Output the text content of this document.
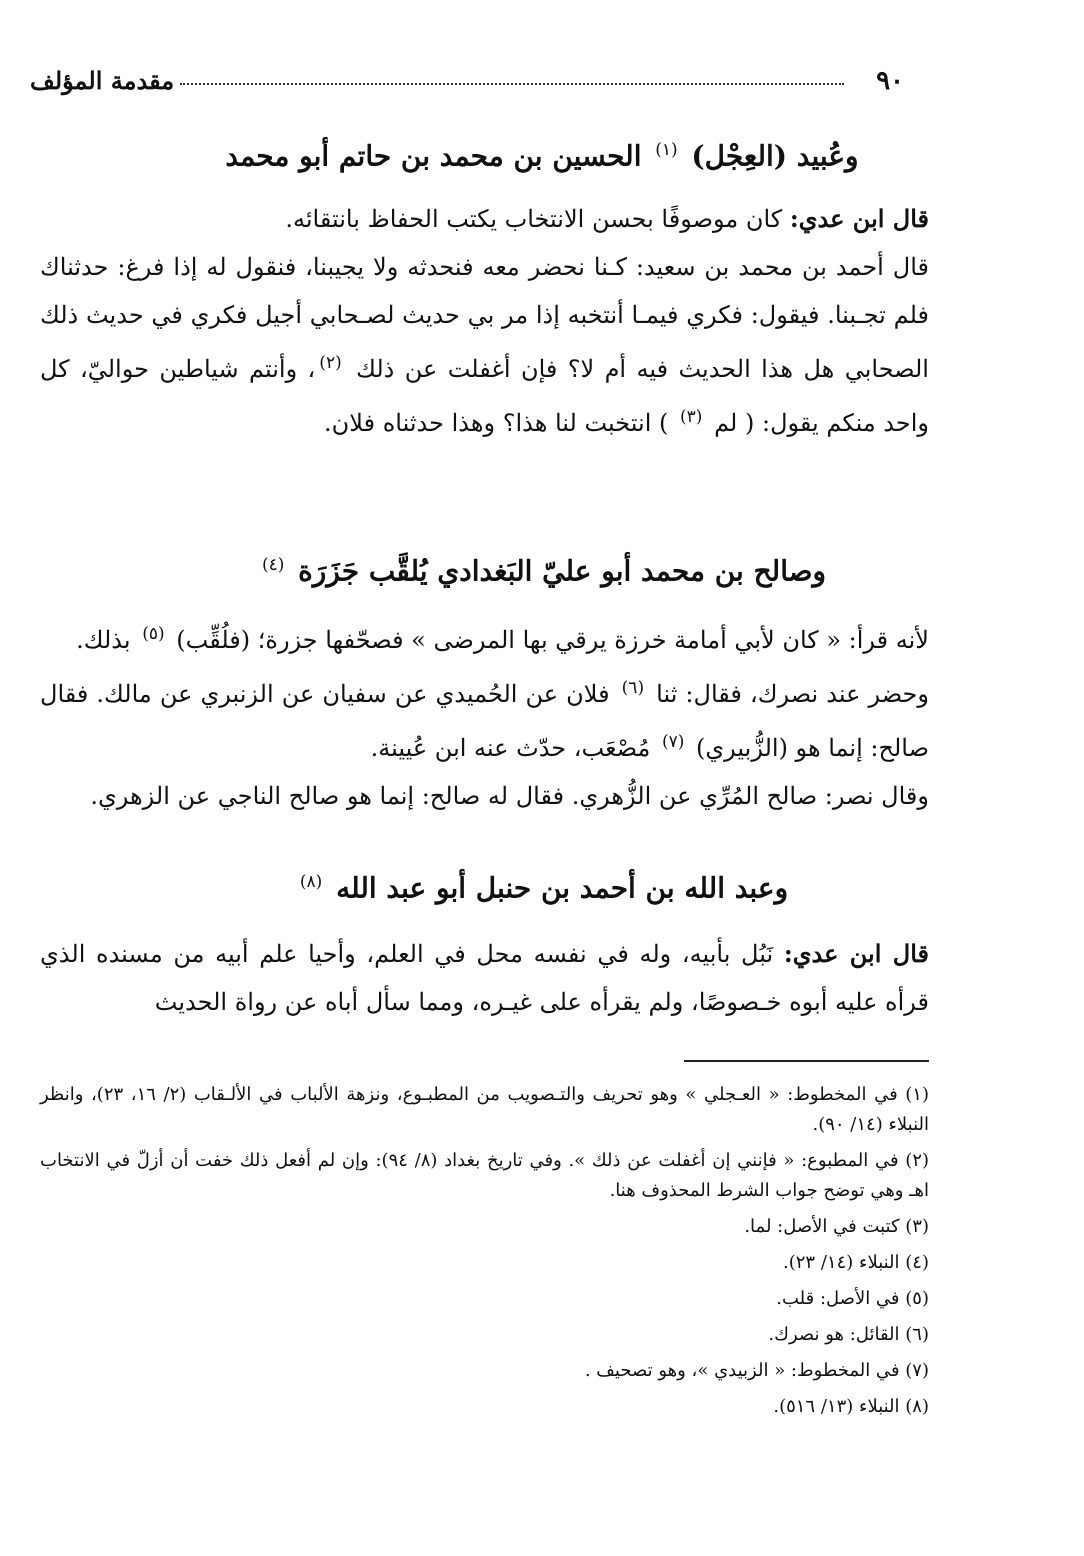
٩٠
مقدمة المؤلف
وعُبيد (العِجْل) $^{(١)}$ الحسين بن محمد بن حاتم أبو محمد

قال ابن عدي: كان موصوفًا بحسن الانتخاب يكتب الحفاظ بانتقائه.

قال أحمد بن محمد بن سعيد: كـنا نحضر معه فنحدثه ولا يجيبنا، فنقول له إذا فرغ: حدثناك فلم تجـبنا. فيقول: فكري فيمـا أنتخبه إذا مر بي حديث لصـحابي أجيل فكري في حديث ذلك الصحابي هل هذا الحديث فيه أم لا؟ فإن أغفلت عن ذلك $^{(٢)}$، وأنتم شياطين حواليّ، كل واحد منكم يقول: ( لم $^{(٣)}$ ) انتخبت لنا هذا؟ وهذا حدثناه فلان.

وصالح بن محمد أبو عليّ البَغدادي يُلقَّب جَزَرَة $^{(٤)}$

لأنه قرأ: « كان لأبي أمامة خرزة يرقي بها المرضى » فصحّفها جزرة؛ (فلُقِّب) $^{(٥)}$ بذلك.

وحضر عند نصرك، فقال: ثنا $^{(٦)}$ فلان عن الحُميدي عن سفيان عن الزنبري عن مالك. فقال صالح: إنما هو (الزُّبيري) $^{(٧)}$ مُصْعَب، حدّث عنه ابن عُيينة.

وقال نصر: صالح المُرِّي عن الزُّهري. فقال له صالح: إنما هو صالح الناجي عن الزهري.

وعبد الله بن أحمد بن حنبل أبو عبد الله $^{(٨)}$

قال ابن عدي: نَبُل بأبيه، وله في نفسه محل في العلم، وأحيا علم أبيه من مسنده الذي قرأه عليه أبوه خـصوصًا، ولم يقرأه على غيـره، ومما سأل أباه عن رواة الحديث

(١) في المخطوط: « العـجلي » وهو تحريف والتـصويب من المطبـوع، ونزهة الألباب في الألـقاب (٢/ ١٦، ٢٣)، وانظر النبلاء (١٤/ ٩٠).

(٢) في المطبوع: « فإنني إن أغفلت عن ذلك ». وفي تاريخ بغداد (٨/ ٩٤): وإن لم أفعل ذلك خفت أن أزلّ في الانتخاب اهـ وهي توضح جواب الشرط المحذوف هنا.

(٣) كتبت في الأصل: لما.

(٤) النبلاء (١٤/ ٢٣).

(٥) في الأصل: قلب.

(٦) القائل: هو نصرك.

(٧) في المخطوط: « الزبيدي »، وهو تصحيف .

(٨) النبلاء (١٣/ ٥١٦).
